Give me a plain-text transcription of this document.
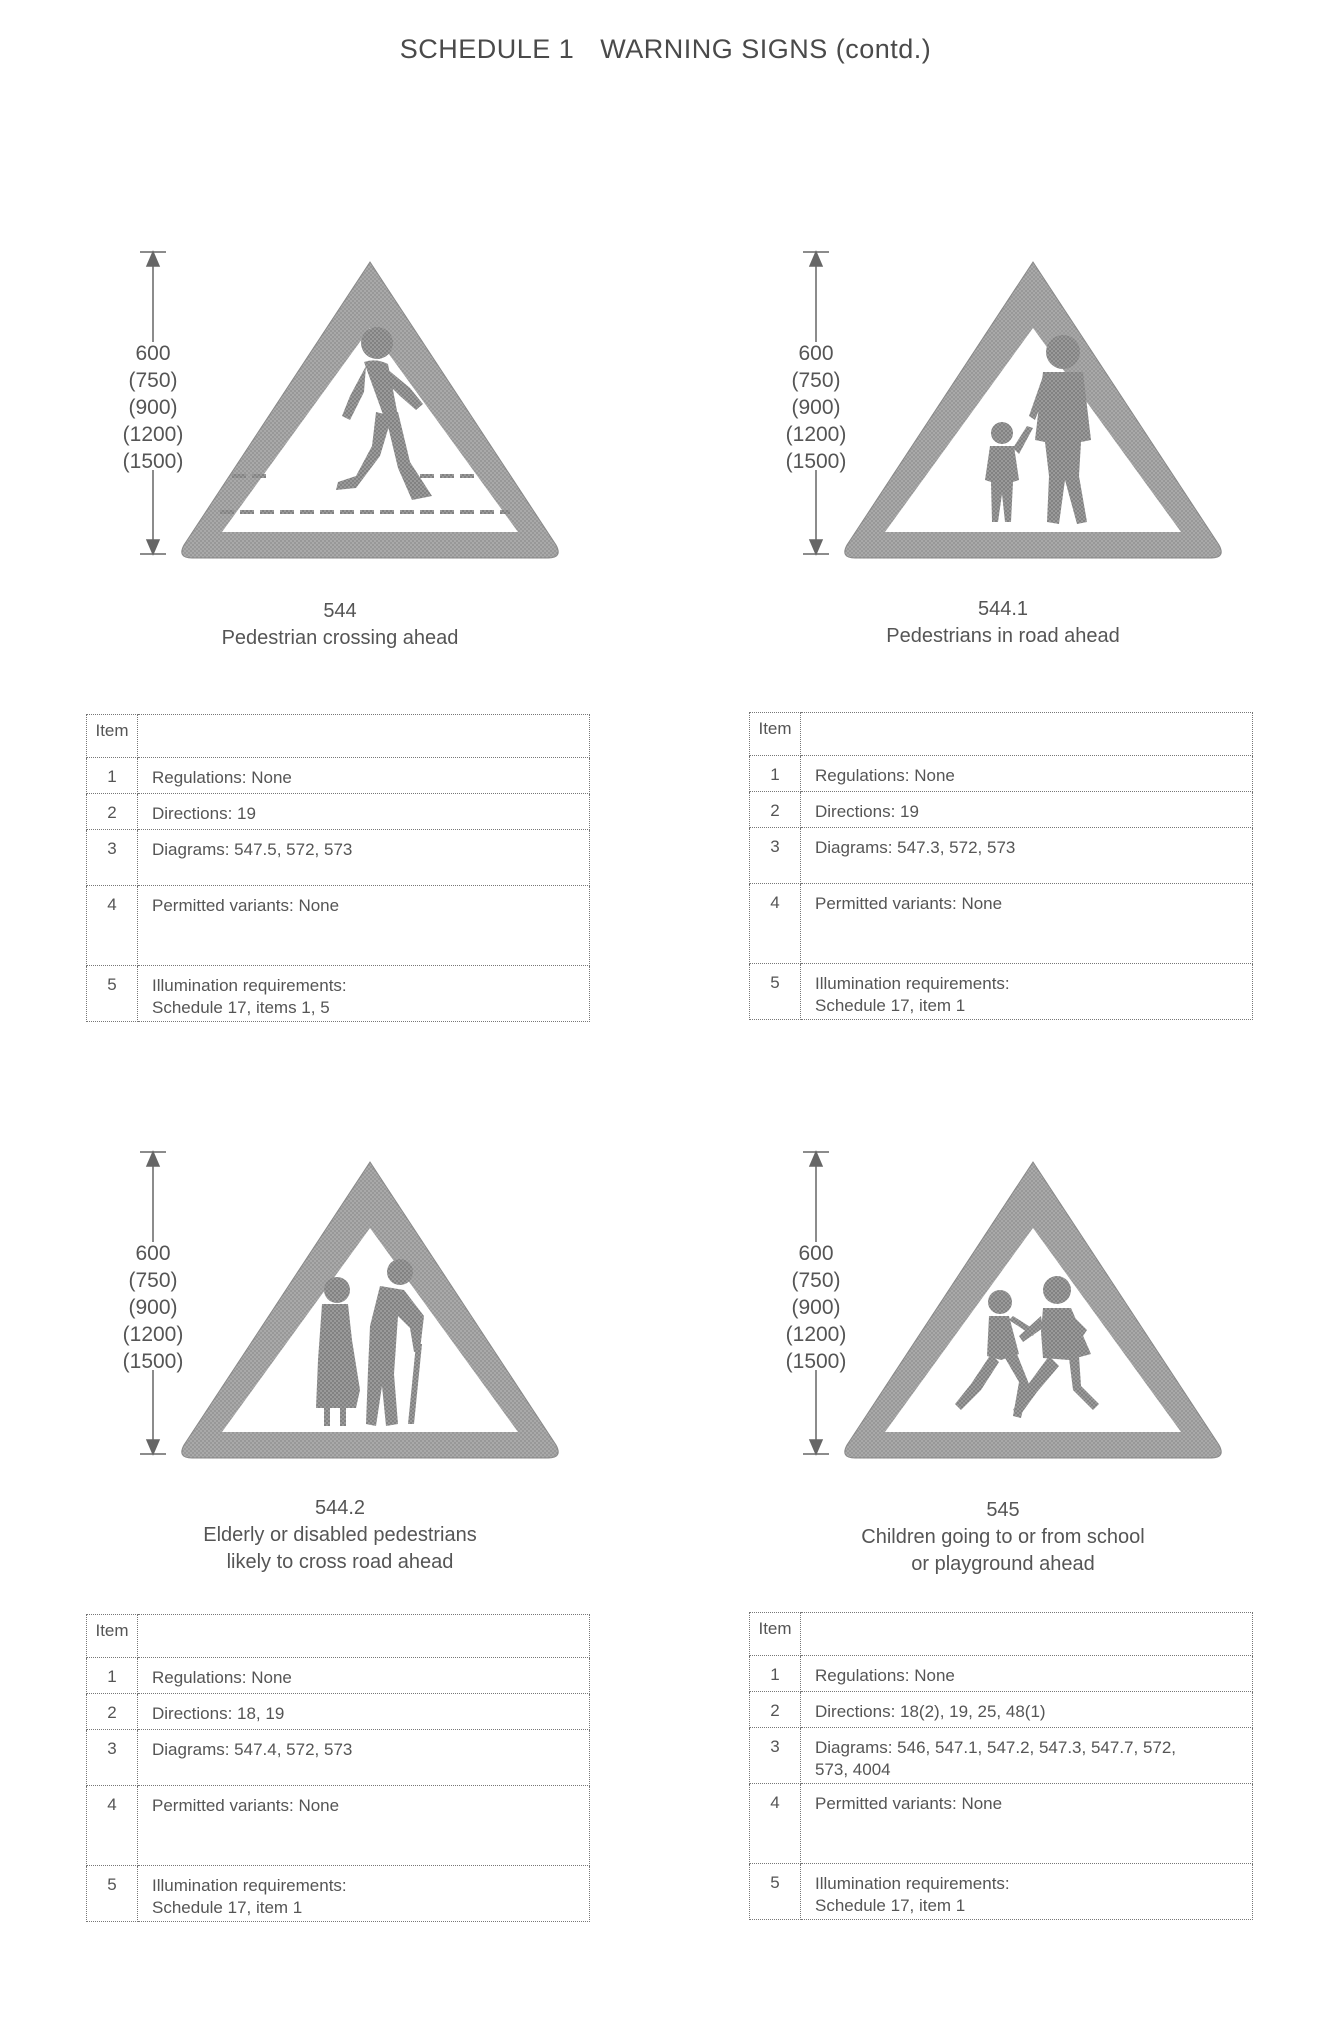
SCHEDULE 1 WARNING SIGNS (contd.)
600
(750)
(900)
(1200)
(1500)
544
Pedestrian crossing ahead
Item	
1	Regulations: None
2	Directions: 19
3	Diagrams: 547.5, 572, 573
4	Permitted variants: None
5	Illumination requirements:
Schedule 17, items 1, 5
600
(750)
(900)
(1200)
(1500)
544.1
Pedestrians in road ahead
Item	
1	Regulations: None
2	Directions: 19
3	Diagrams: 547.3, 572, 573
4	Permitted variants: None
5	Illumination requirements:
Schedule 17, item 1
600
(750)
(900)
(1200)
(1500)
544.2
Elderly or disabled pedestrians
likely to cross road ahead
Item	
1	Regulations: None
2	Directions: 18, 19
3	Diagrams: 547.4, 572, 573
4	Permitted variants: None
5	Illumination requirements:
Schedule 17, item 1
600
(750)
(900)
(1200)
(1500)
545
Children going to or from school
or playground ahead
Item	
1	Regulations: None
2	Directions: 18(2), 19, 25, 48(1)
3	Diagrams: 546, 547.1, 547.2, 547.3, 547.7, 572,
573, 4004

4	Permitted variants: None
5	Illumination requirements:
Schedule 17, item 1
